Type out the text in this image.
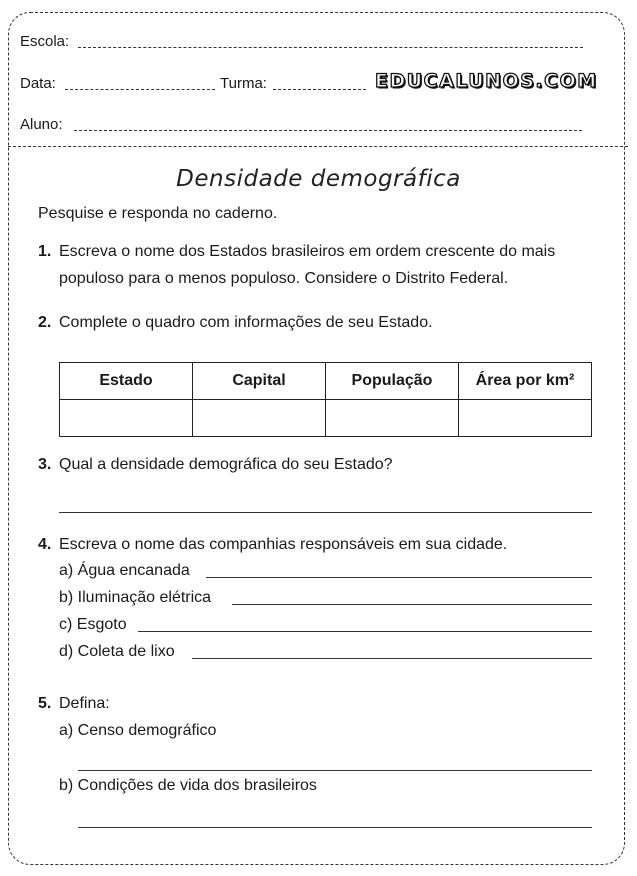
Escola:
Data:	Turma:	EDUCALUNOS.COM
Aluno:
Densidade demográfica
Pesquise e responda no caderno.
1. Escreva o nome dos Estados brasileiros em ordem crescente do mais
populoso para o menos populoso. Considere o Distrito Federal.
2. Complete o quadro com informações de seu Estado.
Estado	Capital	População	Área por km²

3. Qual a densidade demográfica do seu Estado?
4. Escreva o nome das companhias responsáveis em sua cidade.
a) Água encanada
b) Iluminação elétrica
c) Esgoto
d) Coleta de lixo
5. Defina:
a) Censo demográfico
b) Condições de vida dos brasileiros
